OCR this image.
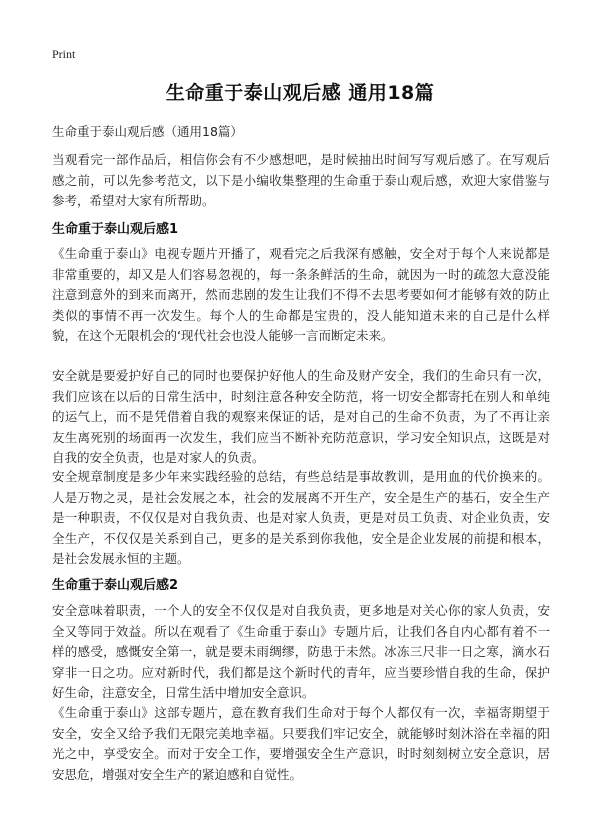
Print
生命重于泰山观后感 通用18篇
生命重于泰山观后感（通用18篇）

当观看完一部作品后，相信你会有不少感想吧，是时候抽出时间写写观后感了。在写观后感之前，可以先参考范文，以下是小编收集整理的生命重于泰山观后感，欢迎大家借鉴与参考，希望对大家有所帮助。

生命重于泰山观后感1

《生命重于泰山》电视专题片开播了，观看完之后我深有感触，安全对于每个人来说都是非常重要的，却又是人们容易忽视的，每一条条鲜活的生命，就因为一时的疏忽大意没能注意到意外的到来而离开，然而悲剧的发生让我们不得不去思考要如何才能够有效的防止类似的事情不再一次发生。每个人的生命都是宝贵的，没人能知道未来的自己是什么样貌，在这个无限机会的‘现代社会也没人能够一言而断定未来。

安全就是要爱护好自己的同时也要保护好他人的生命及财产安全，我们的生命只有一次，我们应该在以后的日常生活中，时刻注意各种安全防范，将一切安全都寄托在别人和单纯的运气上，而不是凭借着自我的观察来保证的话，是对自己的生命不负责，为了不再让亲友生离死别的场面再一次发生，我们应当不断补充防范意识，学习安全知识点，这既是对自我的安全负责，也是对家人的负责。

安全规章制度是多少年来实践经验的总结，有些总结是事故教训，是用血的代价换来的。人是万物之灵，是社会发展之本，社会的发展离不开生产，安全是生产的基石，安全生产是一种职责，不仅仅是对自我负责、也是对家人负责，更是对员工负责、对企业负责，安全生产，不仅仅是关系到自己，更多的是关系到你我他，安全是企业发展的前提和根本，是社会发展永恒的主题。

生命重于泰山观后感2

安全意味着职责，一个人的安全不仅仅是对自我负责，更多地是对关心你的家人负责，安全又等同于效益。所以在观看了《生命重于泰山》专题片后，让我们各自内心都有着不一样的感受，感慨安全第一，就是要未雨绸缪，防患于未然。冰冻三尺非一日之寒，滴水石穿非一日之功。应对新时代，我们都是这个新时代的青年，应当要珍惜自我的生命，保护好生命，注意安全，日常生活中增加安全意识。

《生命重于泰山》这部专题片，意在教育我们生命对于每个人都仅有一次，幸福寄期望于安全，安全又给予我们无限完美地幸福。只要我们牢记安全，就能够时刻沐浴在幸福的阳光之中，享受安全。而对于安全工作，要增强安全生产意识，时时刻刻树立安全意识，居安思危，增强对安全生产的紧迫感和自觉性。
